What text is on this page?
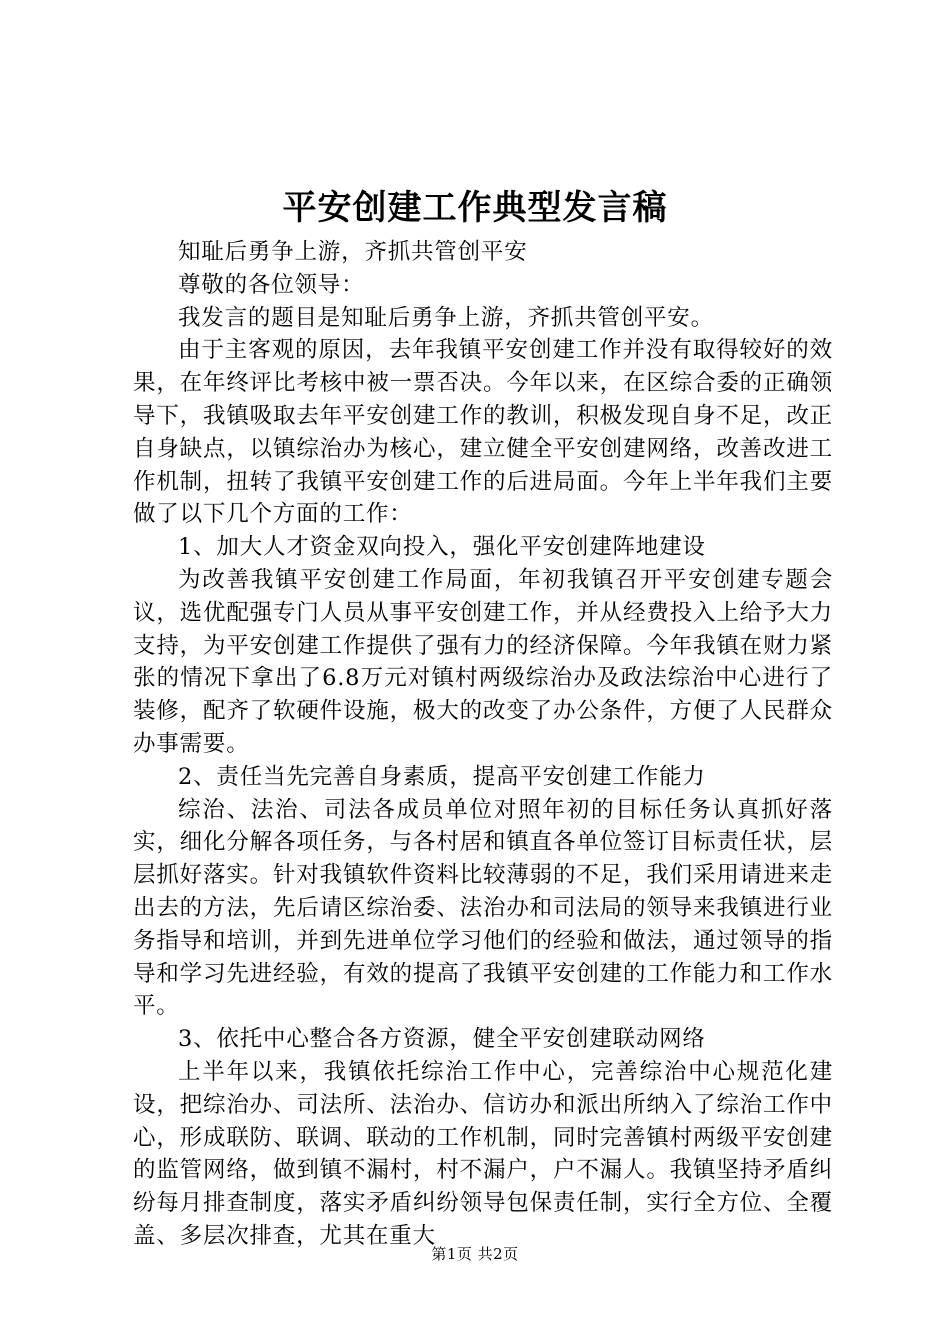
平安创建工作典型发言稿

知耻后勇争上游，齐抓共管创平安

尊敬的各位领导：

我发言的题目是知耻后勇争上游，齐抓共管创平安。

由于主客观的原因，去年我镇平安创建工作并没有取得较好的效果，在年终评比考核中被一票否决。今年以来，在区综合委的正确领导下，我镇吸取去年平安创建工作的教训，积极发现自身不足，改正自身缺点，以镇综治办为核心，建立健全平安创建网络，改善改进工作机制，扭转了我镇平安创建工作的后进局面。今年上半年我们主要做了以下几个方面的工作：

1、加大人才资金双向投入，强化平安创建阵地建设

为改善我镇平安创建工作局面，年初我镇召开平安创建专题会议，选优配强专门人员从事平安创建工作，并从经费投入上给予大力支持，为平安创建工作提供了强有力的经济保障。今年我镇在财力紧张的情况下拿出了6.8万元对镇村两级综治办及政法综治中心进行了装修，配齐了软硬件设施，极大的改变了办公条件，方便了人民群众办事需要。

2、责任当先完善自身素质，提高平安创建工作能力

综治、法治、司法各成员单位对照年初的目标任务认真抓好落实，细化分解各项任务，与各村居和镇直各单位签订目标责任状，层层抓好落实。针对我镇软件资料比较薄弱的不足，我们采用请进来走出去的方法，先后请区综治委、法治办和司法局的领导来我镇进行业务指导和培训，并到先进单位学习他们的经验和做法，通过领导的指导和学习先进经验，有效的提高了我镇平安创建的工作能力和工作水平。

3、依托中心整合各方资源，健全平安创建联动网络

上半年以来，我镇依托综治工作中心，完善综治中心规范化建设，把综治办、司法所、法治办、信访办和派出所纳入了综治工作中心，形成联防、联调、联动的工作机制，同时完善镇村两级平安创建的监管网络，做到镇不漏村，村不漏户，户不漏人。我镇坚持矛盾纠纷每月排查制度，落实矛盾纠纷领导包保责任制，实行全方位、全覆盖、多层次排查，尤其在重大

第1页 共2页
